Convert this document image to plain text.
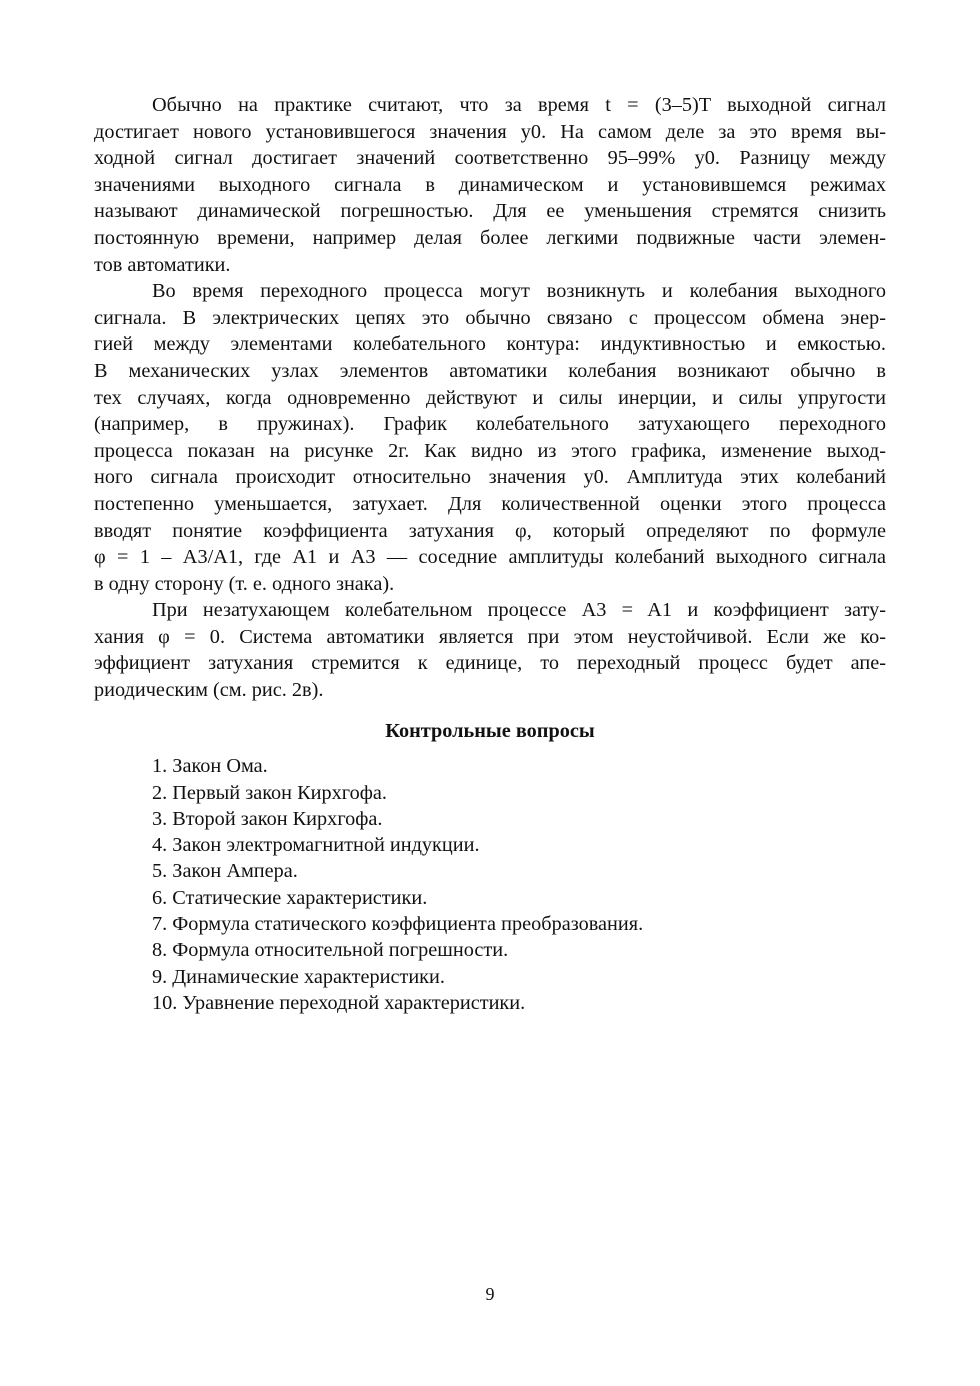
Обычно на практике считают, что за время t = (3–5)T выходной сигнал
достигает нового установившегося значения y0. На самом деле за это время вы-
ходной сигнал достигает значений соответственно 95–99% y0. Разницу между
значениями выходного сигнала в динамическом и установившемся режимах
называют динамической погрешностью. Для ее уменьшения стремятся снизить
постоянную времени, например делая более легкими подвижные части элемен-
тов автоматики.

Во время переходного процесса могут возникнуть и колебания выходного
сигнала. В электрических цепях это обычно связано с процессом обмена энер-
гией между элементами колебательного контура: индуктивностью и емкостью.
В механических узлах элементов автоматики колебания возникают обычно в
тех случаях, когда одновременно действуют и силы инерции, и силы упругости
(например, в пружинах). График колебательного затухающего переходного
процесса показан на рисунке 2г. Как видно из этого графика, изменение выход-
ного сигнала происходит относительно значения y0. Амплитуда этих колебаний
постепенно уменьшается, затухает. Для количественной оценки этого процесса
вводят понятие коэффициента затухания φ, который определяют по формуле
φ = 1 – A3/A1, где A1 и A3 — соседние амплитуды колебаний выходного сигнала
в одну сторону (т. е. одного знака).

При незатухающем колебательном процессе A3 = A1 и коэффициент зату-
хания φ = 0. Система автоматики является при этом неустойчивой. Если же ко-
эффициент затухания стремится к единице, то переходный процесс будет апе-
риодическим (см. рис. 2в).

Контрольные вопросы
1. Закон Ома.
2. Первый закон Кирхгофа.
3. Второй закон Кирхгофа.
4. Закон электромагнитной индукции.
5. Закон Ампера.
6. Статические характеристики.
7. Формула статического коэффициента преобразования.
8. Формула относительной погрешности.
9. Динамические характеристики.
10. Уравнение переходной характеристики.
9
